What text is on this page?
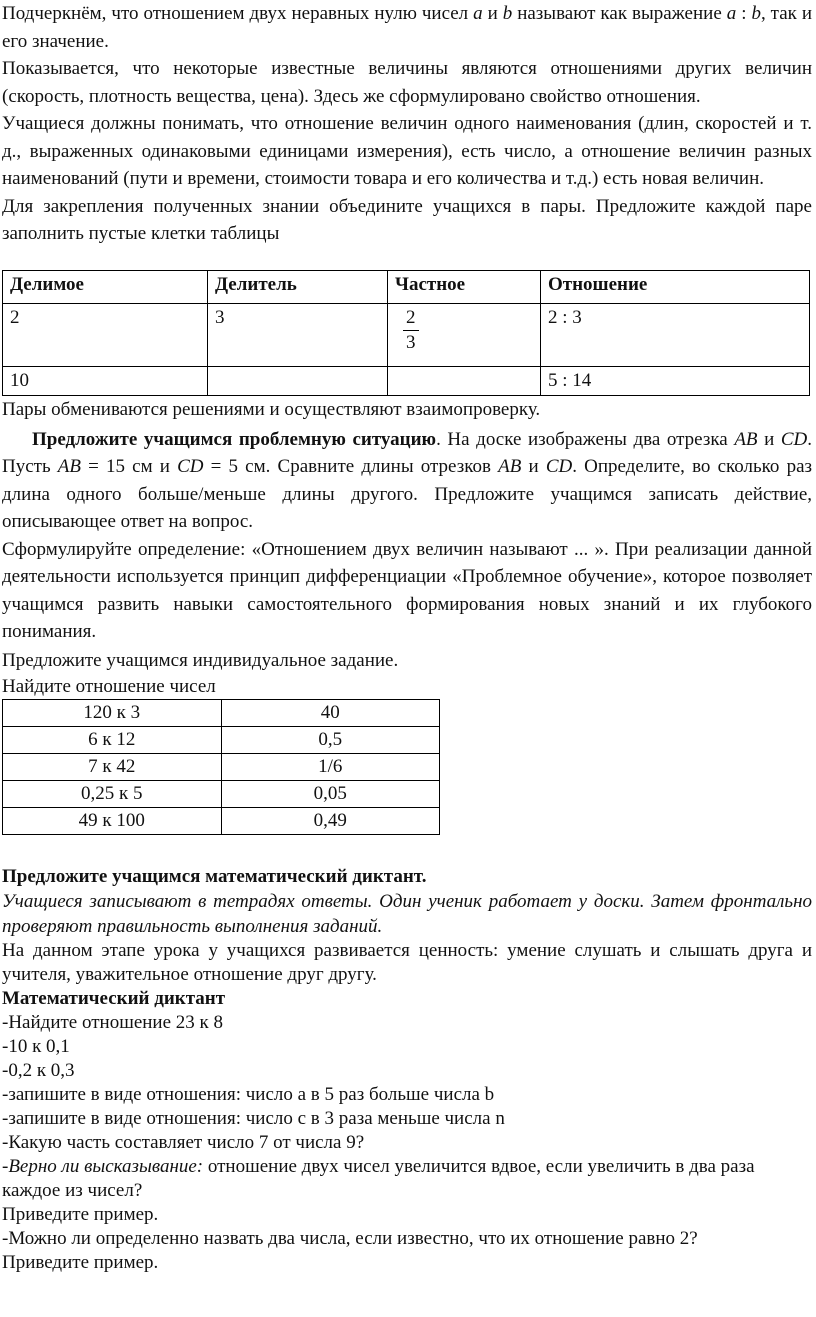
Подчеркнём, что отношением двух неравных нулю чисел a и b называют как выражение a : b, так и его значение.

Показывается, что некоторые известные величины являются отношениями других величин (скорость, плотность вещества, цена). Здесь же сформулировано свойство отношения.

Учащиеся должны понимать, что отношение величин одного наименования (длин, скоростей и т. д., выраженных одинаковыми единицами измерения), есть число, а отношение величин разных наименований (пути и времени, стоимости товара и его количества и т.д.) есть новая величин.

Для закрепления полученных знании объедините учащихся в пары. Предложите каждой паре заполнить пустые клетки таблицы

Делимое	Делитель	Частное	Отношение
2	3	$\frac{2}{3}$	2 : 3
10			5 : 14

Пары обмениваются решениями и осуществляют взаимопроверку.

Предложите учащимся проблемную ситуацию. На доске изображены два отрезка AB и CD. Пусть AB = 15 см и CD = 5 см. Сравните длины отрезков AB и CD. Определите, во сколько раз длина одного больше/меньше длины другого. Предложите учащимся записать действие, описывающее ответ на вопрос.

Сформулируйте определение: «Отношением двух величин называют ... ». При реализации данной деятельности используется принцип дифференциации «Проблемное обучение», которое позволяет учащимся развить навыки самостоятельного формирования новых знаний и их глубокого понимания.

Предложите учащимся индивидуальное задание.

Найдите отношение чисел

120 к 3	40
6 к 12	0,5
7 к 42	1/6
0,25 к 5	0,05
49 к 100	0,49

Предложите учащимся математический диктант.

Учащиеся записывают в тетрадях ответы. Один ученик работает у доски. Затем фронтально проверяют правильность выполнения заданий.

На данном этапе урока у учащихся развивается ценность: умение слушать и слышать друга и учителя, уважительное отношение друг другу.

Математический диктант

-Найдите отношение 23 к 8

-10 к 0,1

-0,2 к 0,3

-запишите в виде отношения: число а в 5 раз больше числа b

-запишите в виде отношения: число с в 3 раза меньше числа n

-Какую часть составляет число 7 от числа 9?

-Верно ли высказывание: отношение двух чисел увеличится вдвое, если увеличить в два раза каждое из чисел?

Приведите пример.

-Можно ли определенно назвать два числа, если известно, что их отношение равно 2?

Приведите пример.
